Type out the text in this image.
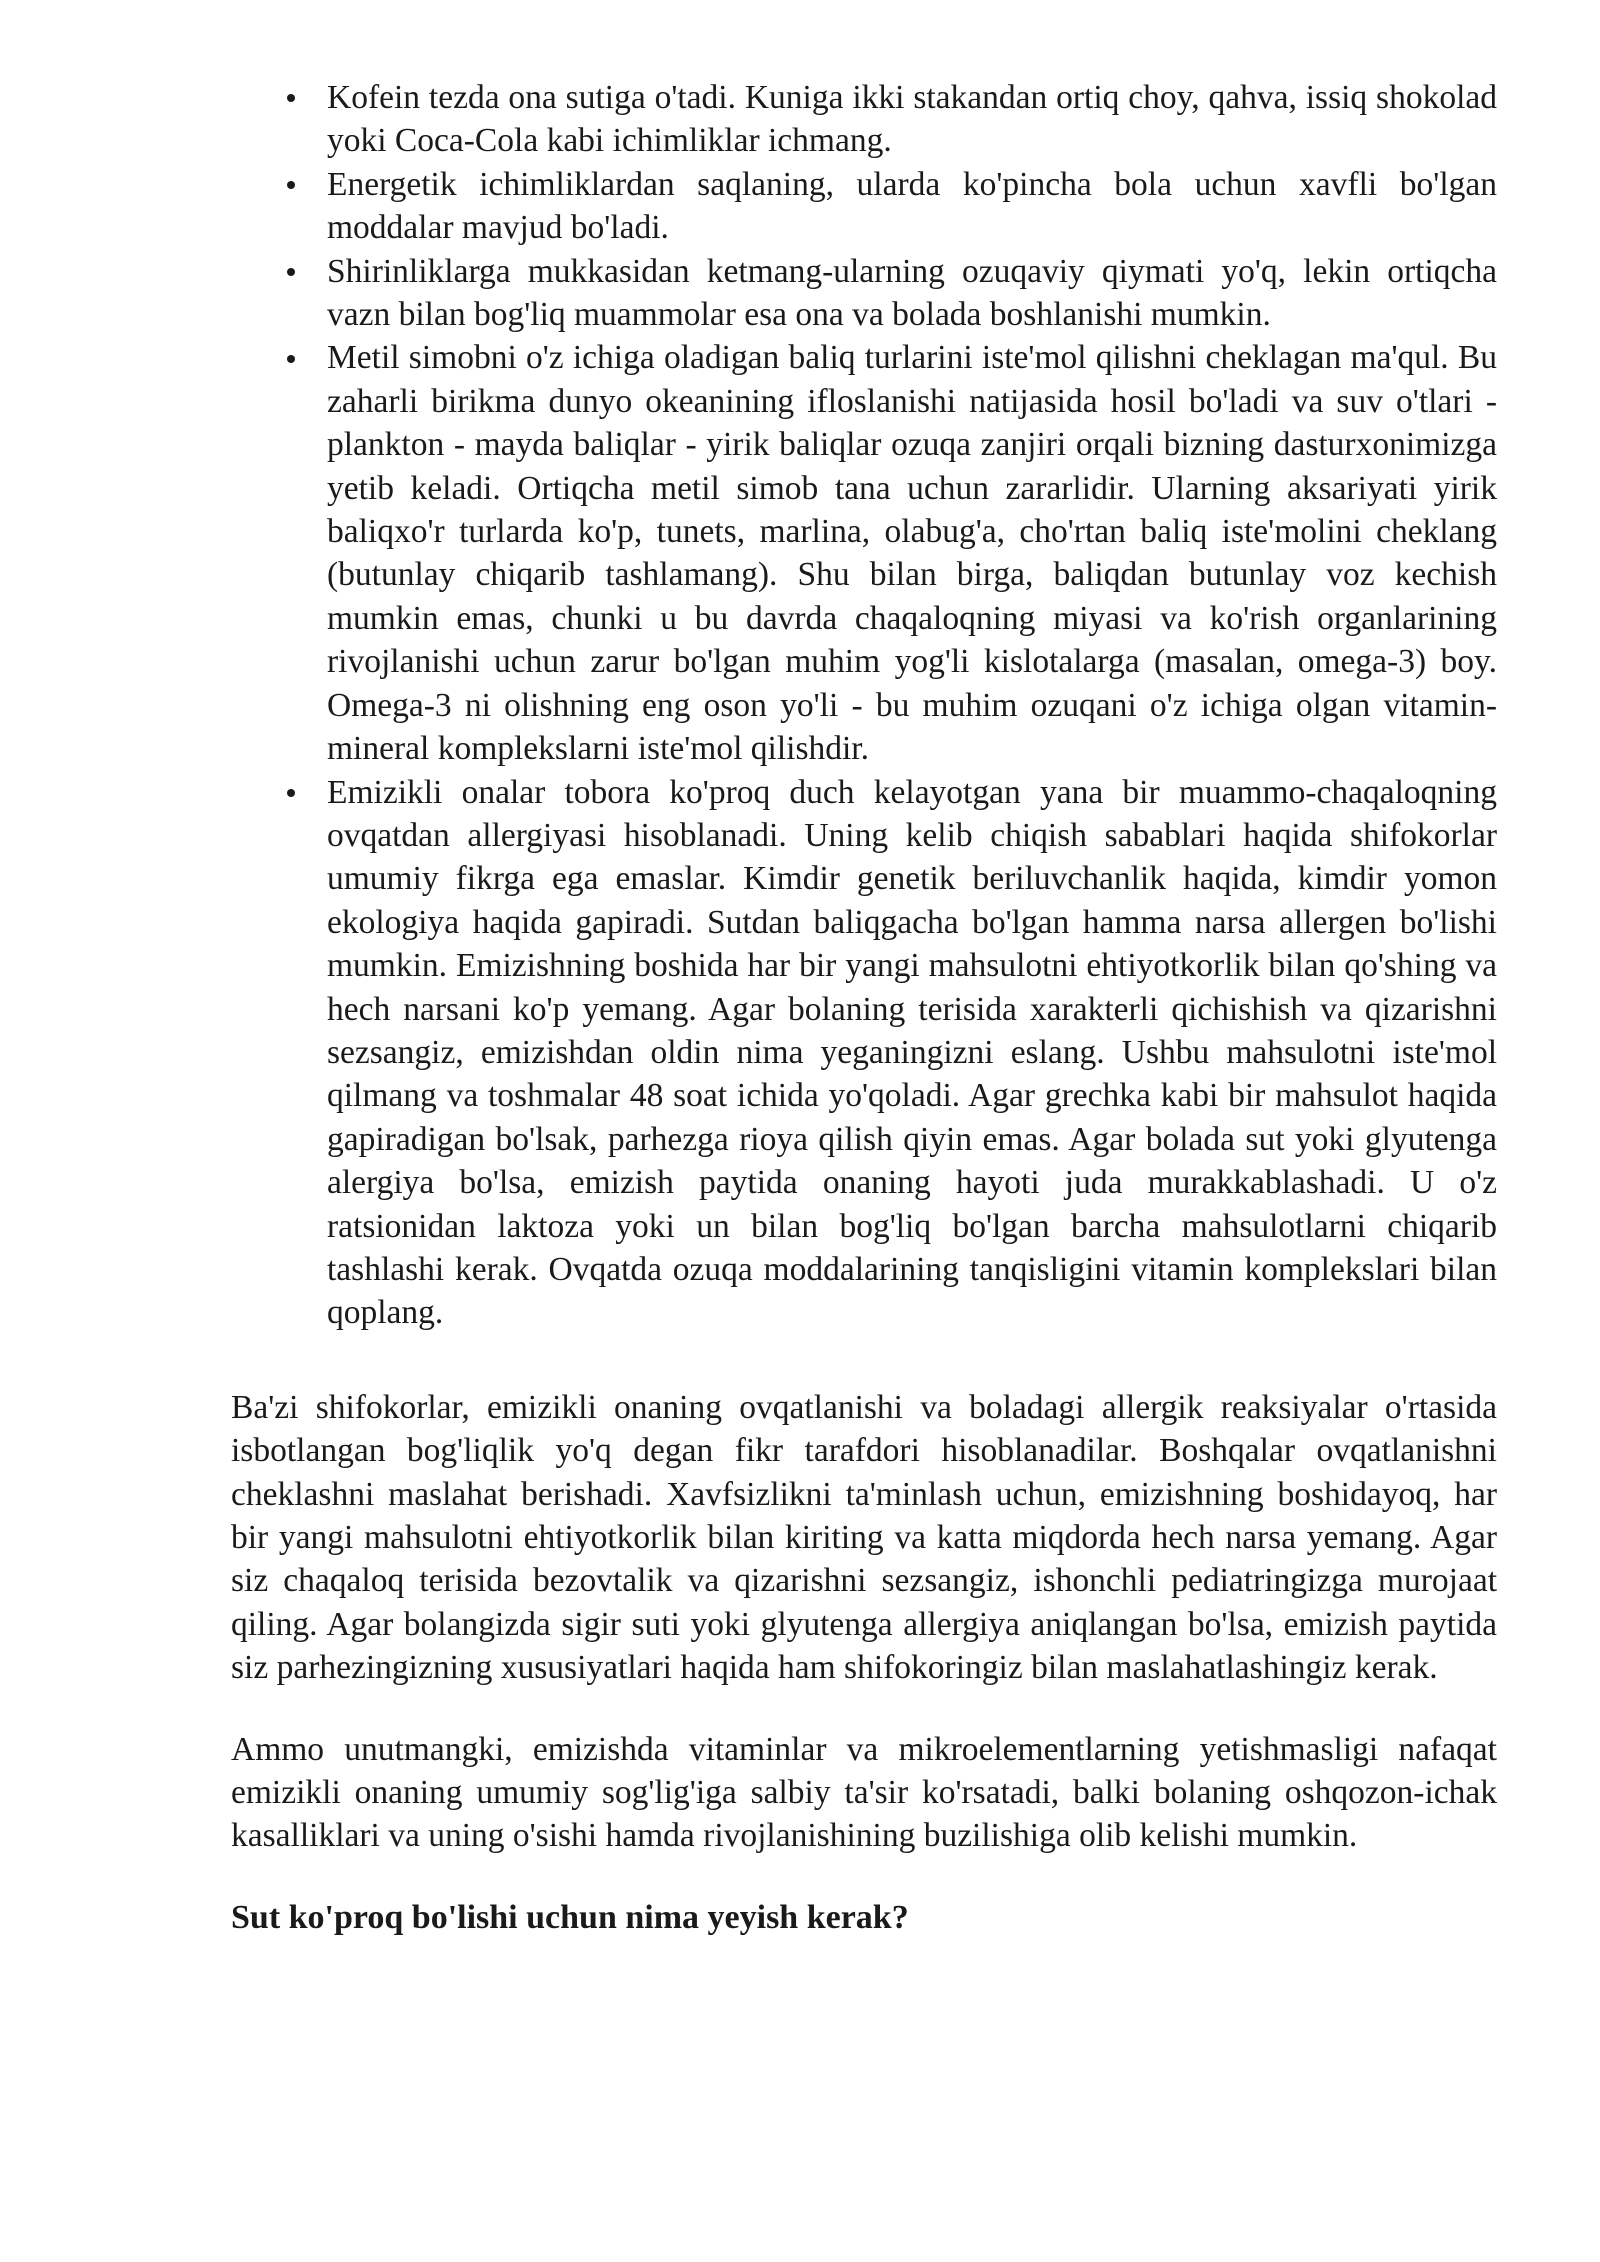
Kofein tezda ona sutiga o'tadi. Kuniga ikki stakandan ortiq choy, qahva, issiq shokolad yoki Coca-Cola kabi ichimliklar ichmang.
Energetik ichimliklardan saqlaning, ularda ko'pincha bola uchun xavfli bo'lgan moddalar mavjud bo'ladi.
Shirinliklarga mukkasidan ketmang-ularning ozuqaviy qiymati yo'q, lekin ortiqcha vazn bilan bog'liq muammolar esa ona va bolada boshlanishi mumkin.
Metil simobni o'z ichiga oladigan baliq turlarini iste'mol qilishni cheklagan ma'qul. Bu zaharli birikma dunyo okeanining ifloslanishi natijasida hosil bo'ladi va suv o'tlari - plankton - mayda baliqlar - yirik baliqlar ozuqa zanjiri orqali bizning dasturxonimizga yetib keladi. Ortiqcha metil simob tana uchun zararlidir. Ularning aksariyati yirik baliqxo'r turlarda ko'p, tunets, marlina, olabug'a, cho'rtan baliq iste'molini cheklang (butunlay chiqarib tashlamang). Shu bilan birga, baliqdan butunlay voz kechish mumkin emas, chunki u bu davrda chaqaloqning miyasi va ko'rish organlarining rivojlanishi uchun zarur bo'lgan muhim yog'li kislotalarga (masalan, omega-3) boy. Omega-3 ni olishning eng oson yo'li - bu muhim ozuqani o'z ichiga olgan vitamin-mineral komplekslarni iste'mol qilishdir.
Emizikli onalar tobora ko'proq duch kelayotgan yana bir muammo-chaqaloqning ovqatdan allergiyasi hisoblanadi. Uning kelib chiqish sabablari haqida shifokorlar umumiy fikrga ega emaslar. Kimdir genetik beriluvchanlik haqida, kimdir yomon ekologiya haqida gapiradi. Sutdan baliqgacha bo'lgan hamma narsa allergen bo'lishi mumkin. Emizishning boshida har bir yangi mahsulotni ehtiyotkorlik bilan qo'shing va hech narsani ko'p yemang. Agar bolaning terisida xarakterli qichishish va qizarishni sezsangiz, emizishdan oldin nima yeganingizni eslang. Ushbu mahsulotni iste'mol qilmang va toshmalar 48 soat ichida yo'qoladi. Agar grechka kabi bir mahsulot haqida gapiradigan bo'lsak, parhezga rioya qilish qiyin emas. Agar bolada sut yoki glyutenga alergiya bo'lsa, emizish paytida onaning hayoti juda murakkablashadi. U o'z ratsionidan laktoza yoki un bilan bog'liq bo'lgan barcha mahsulotlarni chiqarib tashlashi kerak. Ovqatda ozuqa moddalarining tanqisligini vitamin komplekslari bilan qoplang.

Ba'zi shifokorlar, emizikli onaning ovqatlanishi va boladagi allergik reaksiyalar o'rtasida isbotlangan bog'liqlik yo'q degan fikr tarafdori hisoblanadilar. Boshqalar ovqatlanishni cheklashni maslahat berishadi. Xavfsizlikni ta'minlash uchun, emizishning boshidayoq, har bir yangi mahsulotni ehtiyotkorlik bilan kiriting va katta miqdorda hech narsa yemang. Agar siz chaqaloq terisida bezovtalik va qizarishni sezsangiz, ishonchli pediatringizga murojaat qiling. Agar bolangizda sigir suti yoki glyutenga allergiya aniqlangan bo'lsa, emizish paytida siz parhezingizning xususiyatlari haqida ham shifokoringiz bilan maslahatlashingiz kerak.

Ammo unutmangki, emizishda vitaminlar va mikroelementlarning yetishmasligi nafaqat emizikli onaning umumiy sog'lig'iga salbiy ta'sir ko'rsatadi, balki bolaning oshqozon-ichak kasalliklari va uning o'sishi hamda rivojlanishining buzilishiga olib kelishi mumkin.

Sut ko'proq bo'lishi uchun nima yeyish kerak?
